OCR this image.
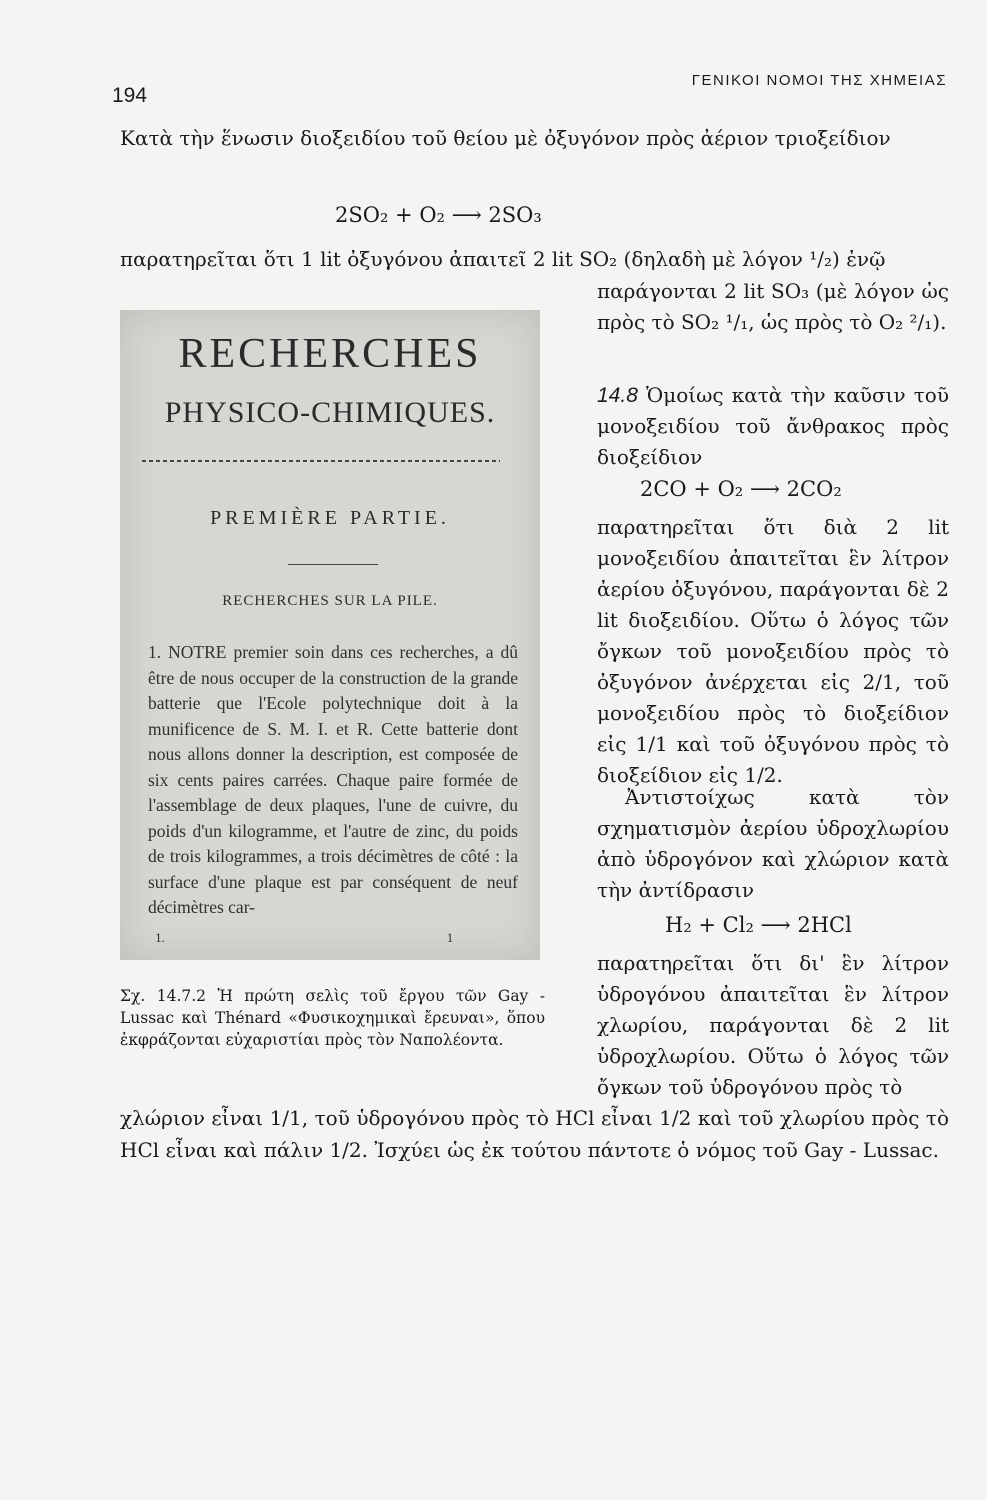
194
ΓΕΝΙΚΟΙ ΝΟΜΟΙ ΤΗΣ ΧΗΜΕΙΑΣ

Κατὰ τὴν ἕνωσιν διοξειδίου τοῦ θείου μὲ ὀξυγόνον πρὸς ἀέριον τριοξείδιον

2SO₂ + O₂ ⟶ 2SO₃

παρατηρεῖται ὅτι 1 lit ὀξυγόνου ἀπαιτεῖ 2 lit SO₂ (δηλαδὴ μὲ λόγον ¹/₂) ἐνῷ

παράγονται 2 lit SO₃ (μὲ λόγον ὡς πρὸς τὸ SO₂ ¹/₁, ὡς πρὸς τὸ O₂ ²/₁).

RECHERCHES
PHYSICO-CHIMIQUES.
PREMIÈRE PARTIE.
RECHERCHES SUR LA PILE.
1. NOTRE premier soin dans ces recherches, a dû être de nous occuper de la construction de la grande batterie que l'Ecole polytechnique doit à la munificence de S. M. I. et R. Cette batterie dont nous allons donner la description, est composée de six cents paires carrées. Chaque paire formée de l'assemblage de deux plaques, l'une de cuivre, du poids d'un kilogramme, et l'autre de zinc, du poids de trois kilogrammes, a trois décimètres de côté : la surface d'une plaque est par conséquent de neuf décimètres car-
1.	1
Σχ. 14.7.2 Ἡ πρώτη σελὶς τοῦ ἔργου τῶν Gay - Lussac καὶ Thénard «Φυσικοχημικαὶ ἔρευναι», ὅπου ἐκφράζονται εὐχαριστίαι πρὸς τὸν Ναπολέοντα.
14.8 Ὁμοίως κατὰ τὴν καῦσιν τοῦ μονοξειδίου τοῦ ἄνθρακος πρὸς διοξείδιον
2CO + O₂ ⟶ 2CO₂

παρατηρεῖται ὅτι διὰ 2 lit μονοξειδίου ἀπαιτεῖται ἓν λίτρον ἀερίου ὀξυγόνου, παράγονται δὲ 2 lit διοξειδίου. Οὕτω ὁ λόγος τῶν ὄγκων τοῦ μονοξειδίου πρὸς τὸ ὀξυγόνον ἀνέρχεται εἰς 2/1, τοῦ μονοξειδίου πρὸς τὸ διοξείδιον εἰς 1/1 καὶ τοῦ ὀξυγόνου πρὸς τὸ διοξείδιον εἰς 1/2.

Ἀντιστοίχως κατὰ τὸν σχηματισμὸν ἀερίου ὑδροχλωρίου ἀπὸ ὑδρογόνον καὶ χλώριον κατὰ τὴν ἀντίδρασιν

H₂ + Cl₂ ⟶ 2HCl

παρατηρεῖται ὅτι δι' ἓν λίτρον ὑδρογόνου ἀπαιτεῖται ἓν λίτρον χλωρίου, παράγονται δὲ 2 lit ὑδροχλωρίου. Οὕτω ὁ λόγος τῶν ὄγκων τοῦ ὑδρογόνου πρὸς τὸ

χλώριον εἶναι 1/1, τοῦ ὑδρογόνου πρὸς τὸ HCl εἶναι 1/2 καὶ τοῦ χλωρίου πρὸς τὸ HCl εἶναι καὶ πάλιν 1/2. Ἰσχύει ὡς ἐκ τούτου πάντοτε ὁ νόμος τοῦ Gay - Lussac.
